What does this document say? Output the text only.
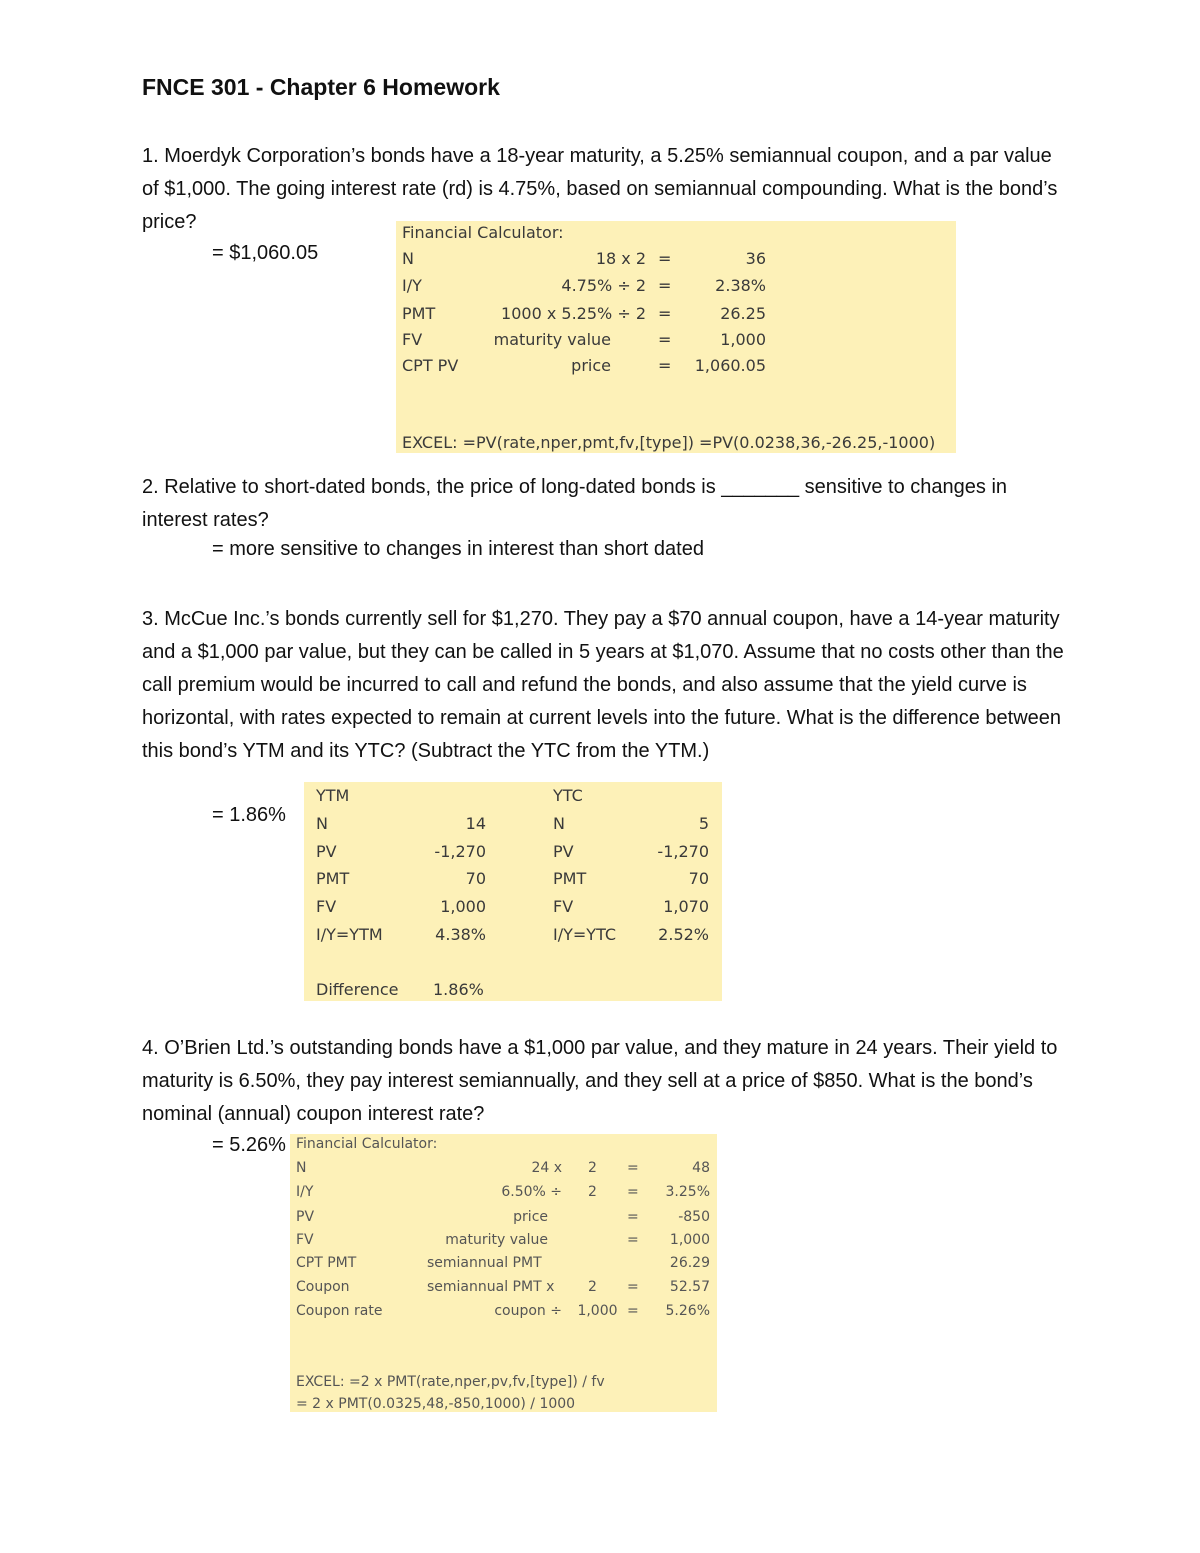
FNCE 301 - Chapter 6 Homework
1. Moerdyk Corporation’s bonds have a 18-year maturity, a 5.25% semiannual coupon, and a par value of $1,000. The going interest rate (rd) is 4.75%, based on semiannual compounding. What is the bond’s price?
= $1,060.05
Financial Calculator:
N	18 x 2 =	36
I/Y	4.75% ÷ 2 =	2.38%
PMT	1000 x 5.25% ÷ 2 =	26.25
FV	maturity value	=	1,000
CPT PV	price	=	1,060.05
EXCEL: =PV(rate,nper,pmt,fv,[type]) =PV(0.0238,36,-26.25,-1000)
2. Relative to short-dated bonds, the price of long-dated bonds is _______ sensitive to changes in interest rates?
= more sensitive to changes in interest than short dated
3. McCue Inc.’s bonds currently sell for $1,270. They pay a $70 annual coupon, have a 14-year maturity and a $1,000 par value, but they can be called in 5 years at $1,070. Assume that no costs other than the call premium would be incurred to call and refund the bonds, and also assume that the yield curve is horizontal, with rates expected to remain at current levels into the future. What is the difference between this bond’s YTM and its YTC? (Subtract the YTC from the YTM.)
= 1.86%
YTM	YTC
N	14	N	5
PV	-1,270	PV	-1,270
PMT	70	PMT	70
FV	1,000	FV	1,070
I/Y=YTM	4.38%	I/Y=YTC	2.52%
Difference 1.86%
4. O’Brien Ltd.’s outstanding bonds have a $1,000 par value, and they mature in 24 years. Their yield to maturity is 6.50%, they pay interest semiannually, and they sell at a price of $850. What is the bond’s nominal (annual) coupon interest rate?
= 5.26% Financial Calculator:
N	24 x	2	=	48
I/Y	6.50% ÷	2	=	3.25%
PV	price	=	-850
FV	maturity value	=	1,000
CPT PMT	semiannual PMT	26.29
Coupon	semiannual PMT x	2	=	52.57
Coupon rate	coupon ÷	1,000 =	5.26%
EXCEL: =2 x PMT(rate,nper,pv,fv,[type]) / fv
= 2 x PMT(0.0325,48,-850,1000) / 1000
